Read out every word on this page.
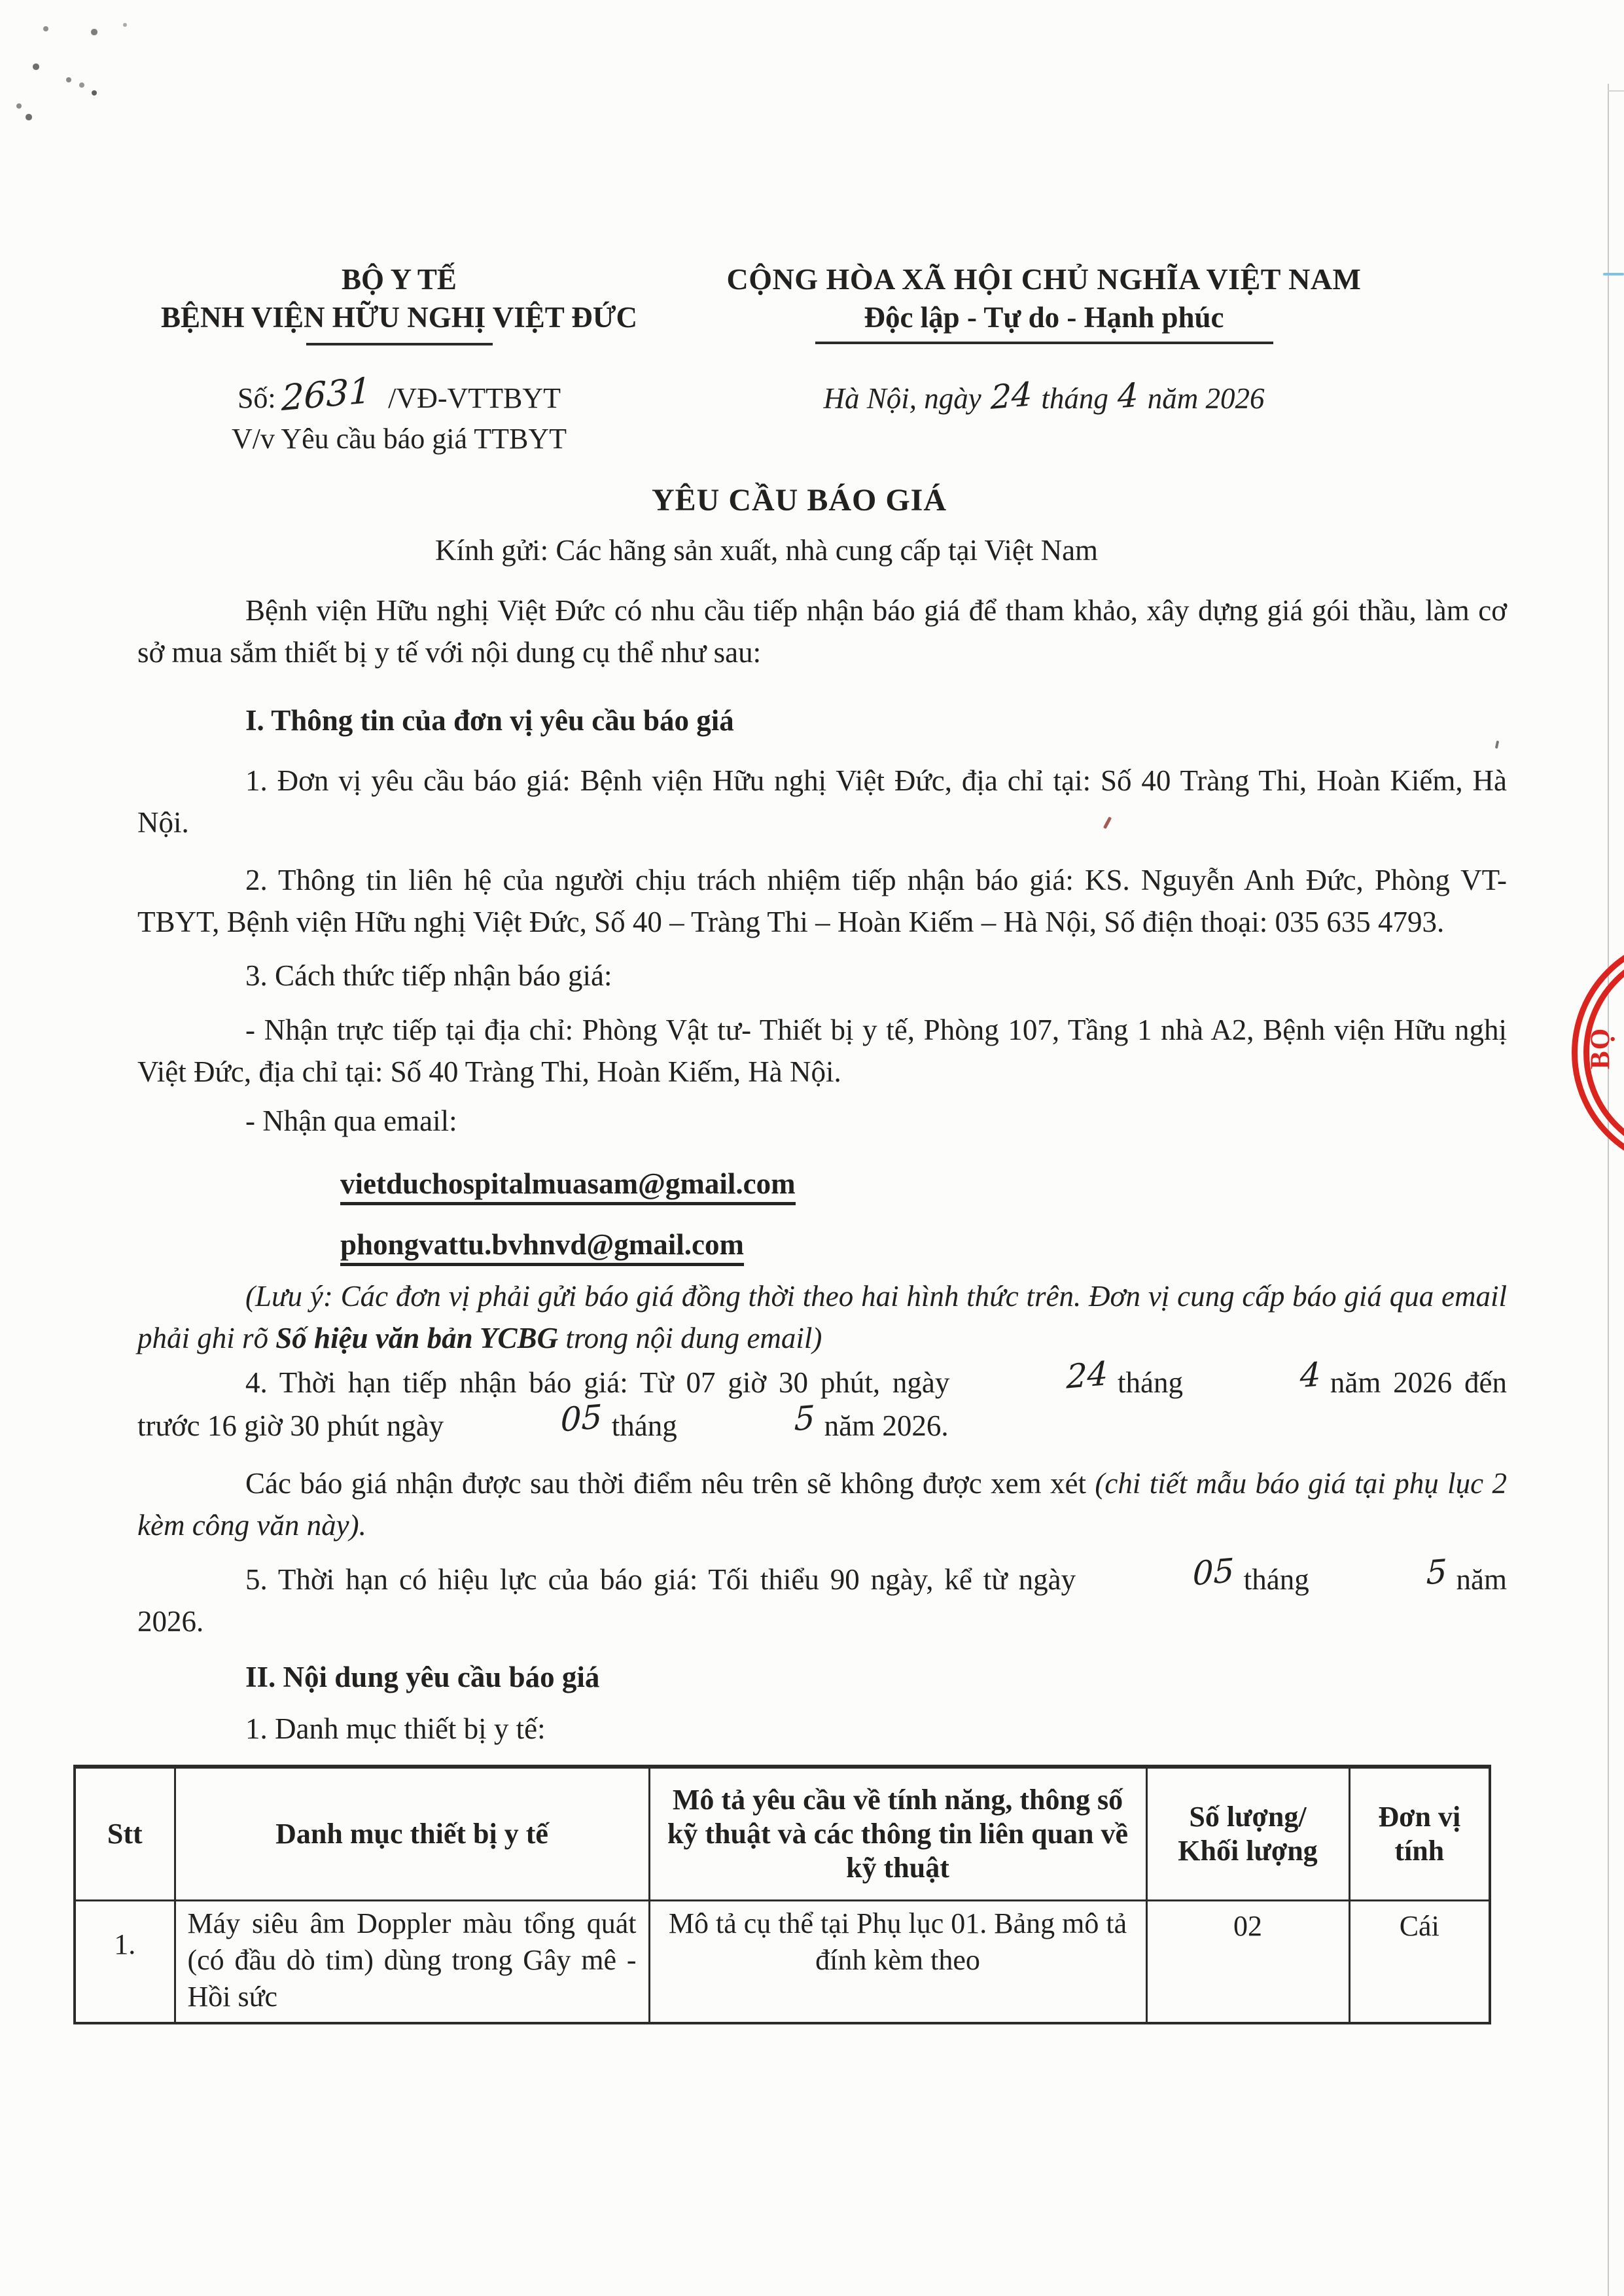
BỘ Y TẾ
BỆNH VIỆN HỮU NGHỊ VIỆT ĐỨC
Số: 2631 /VĐ-VTTBYT
V/v Yêu cầu báo giá TTBYT
CỘNG HÒA XÃ HỘI CHỦ NGHĨA VIỆT NAM
Độc lập - Tự do - Hạnh phúc
Hà Nội, ngày 24 tháng 4 năm 2026
YÊU CẦU BÁO GIÁ
Kính gửi: Các hãng sản xuất, nhà cung cấp tại Việt Nam

Bệnh viện Hữu nghị Việt Đức có nhu cầu tiếp nhận báo giá để tham khảo, xây dựng giá gói thầu, làm cơ sở mua sắm thiết bị y tế với nội dung cụ thể như sau:

I. Thông tin của đơn vị yêu cầu báo giá

1. Đơn vị yêu cầu báo giá: Bệnh viện Hữu nghị Việt Đức, địa chỉ tại: Số 40 Tràng Thi, Hoàn Kiếm, Hà Nội.

2. Thông tin liên hệ của người chịu trách nhiệm tiếp nhận báo giá: KS. Nguyễn Anh Đức, Phòng VT-TBYT, Bệnh viện Hữu nghị Việt Đức, Số 40 – Tràng Thi – Hoàn Kiếm – Hà Nội, Số điện thoại: 035 635 4793.

3. Cách thức tiếp nhận báo giá:

- Nhận trực tiếp tại địa chỉ: Phòng Vật tư- Thiết bị y tế, Phòng 107, Tầng 1 nhà A2, Bệnh viện Hữu nghị Việt Đức, địa chỉ tại: Số 40 Tràng Thi, Hoàn Kiếm, Hà Nội.

- Nhận qua email:

vietduchospitalmuasam@gmail.com

phongvattu.bvhnvd@gmail.com

(Lưu ý: Các đơn vị phải gửi báo giá đồng thời theo hai hình thức trên. Đơn vị cung cấp báo giá qua email phải ghi rõ Số hiệu văn bản YCBG trong nội dung email)

4. Thời hạn tiếp nhận báo giá: Từ 07 giờ 30 phút, ngày	24 tháng	4 năm 2026 đến trước 16 giờ 30 phút ngày	05 tháng	5 năm 2026.

Các báo giá nhận được sau thời điểm nêu trên sẽ không được xem xét (chi tiết mẫu báo giá tại phụ lục 2 kèm công văn này).

5. Thời hạn có hiệu lực của báo giá: Tối thiểu 90 ngày, kể từ ngày	05 tháng	5 năm 2026.

II. Nội dung yêu cầu báo giá

1. Danh mục thiết bị y tế:

Stt	Danh mục thiết bị y tế	Mô tả yêu cầu về tính năng, thông số kỹ thuật và các thông tin liên quan về kỹ thuật	Số lượng/ Khối lượng	Đơn vị tính
1.	Máy siêu âm Doppler màu tổng quát (có đầu dò tim) dùng trong Gây mê - Hồi sức	Mô tả cụ thể tại Phụ lục 01. Bảng mô tả đính kèm theo	02	Cái
BỘ
